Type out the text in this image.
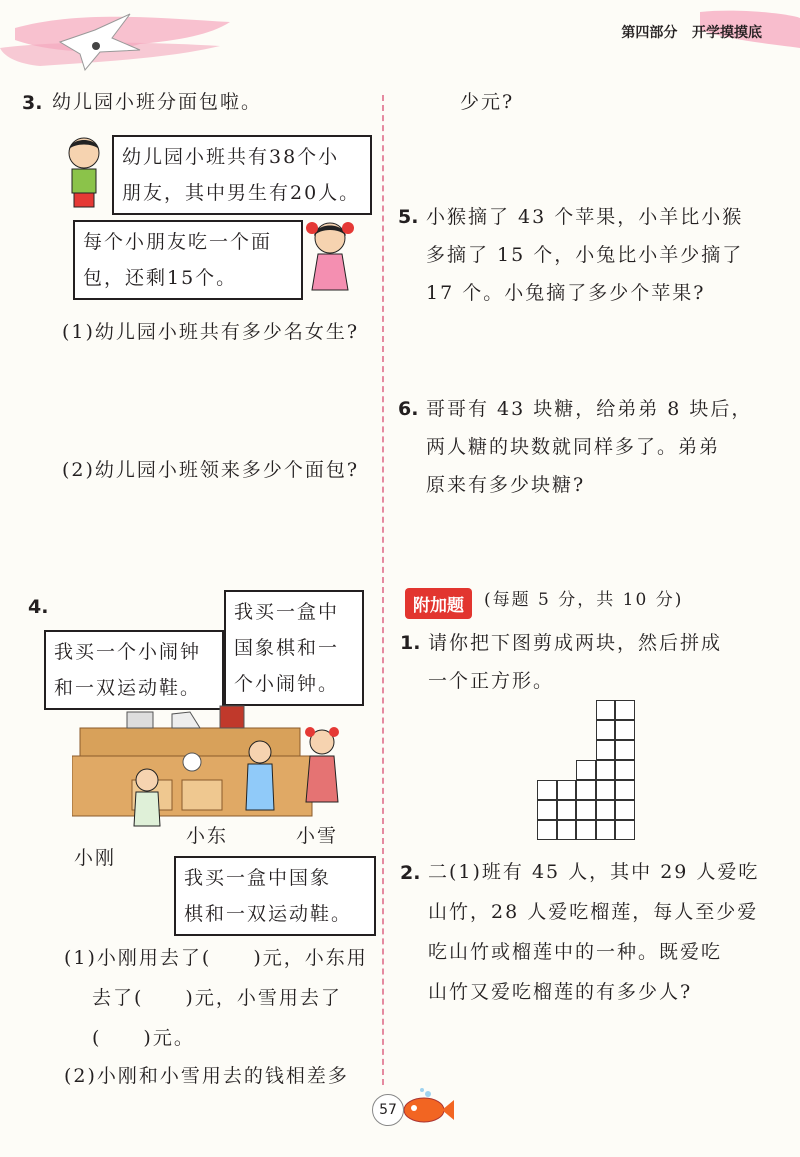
第四部分 开学摸摸底
3. 幼儿园小班分面包啦。
幼儿园小班共有38个小
朋友，其中男生有20人。
每个小朋友吃一个面
包，还剩15个。
(1)幼儿园小班共有多少名女生?
(2)幼儿园小班领来多少个面包?
4.	我买一盒中
国象棋和一
个小闹钟。
我买一个小闹钟
和一双运动鞋。
小刚
小东	小雪
我买一盒中国象
棋和一双运动鞋。
(1)小刚用去了(　　)元，小东用
去了(　　)元，小雪用去了
(　　)元。
(2)小刚和小雪用去的钱相差多
少元?
5. 小猴摘了 43 个苹果，小羊比小猴
多摘了 15 个，小兔比小羊少摘了
17 个。小兔摘了多少个苹果?
6. 哥哥有 43 块糖，给弟弟 8 块后，
两人糖的块数就同样多了。弟弟
原来有多少块糖?
附加题	(每题 5 分，共 10 分)
1. 请你把下图剪成两块，然后拼成
一个正方形。
2. 二(1)班有 45 人，其中 29 人爱吃
山竹，28 人爱吃榴莲，每人至少爱
吃山竹或榴莲中的一种。既爱吃
山竹又爱吃榴莲的有多少人?
57
